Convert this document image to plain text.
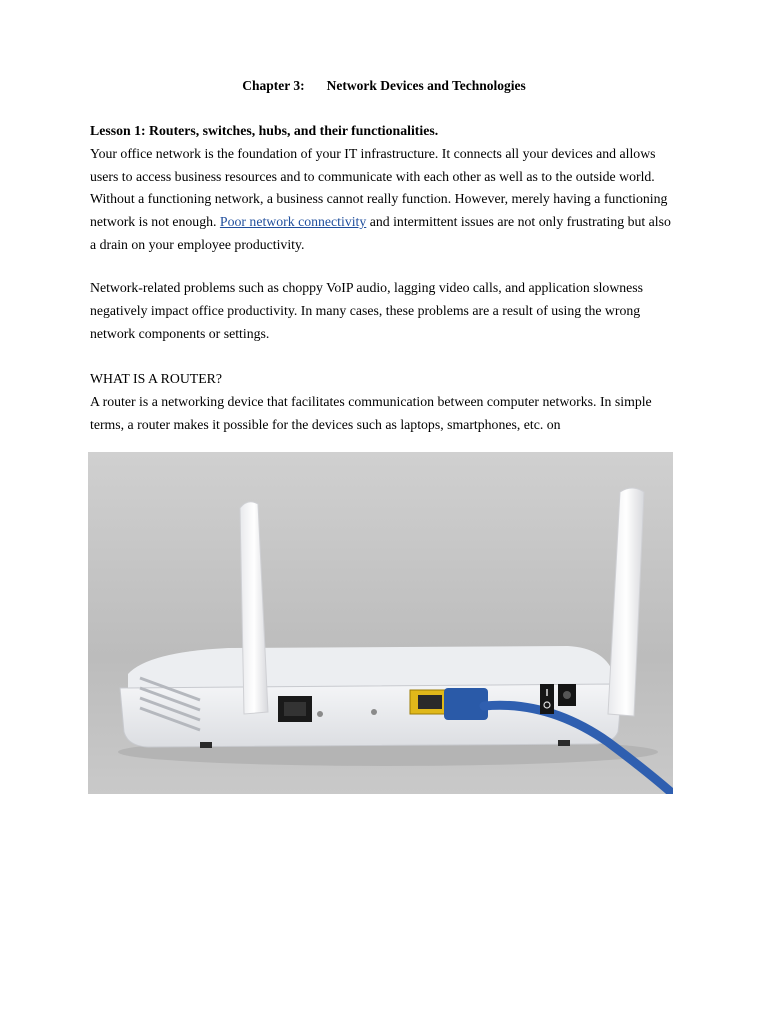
Chapter 3: Network Devices and Technologies
Lesson 1: Routers, switches, hubs, and their functionalities.
Your office network is the foundation of your IT infrastructure. It connects all your devices and allows users to access business resources and to communicate with each other as well as to the outside world. Without a functioning network, a business cannot really function. However, merely having a functioning network is not enough. Poor network connectivity and intermittent issues are not only frustrating but also a drain on your employee productivity.
Network-related problems such as choppy VoIP audio, lagging video calls, and application slowness negatively impact office productivity. In many cases, these problems are a result of using the wrong network components or settings.
WHAT IS A ROUTER?
A router is a networking device that facilitates communication between computer networks. In simple terms, a router makes it possible for the devices such as laptops, smartphones, etc. on
